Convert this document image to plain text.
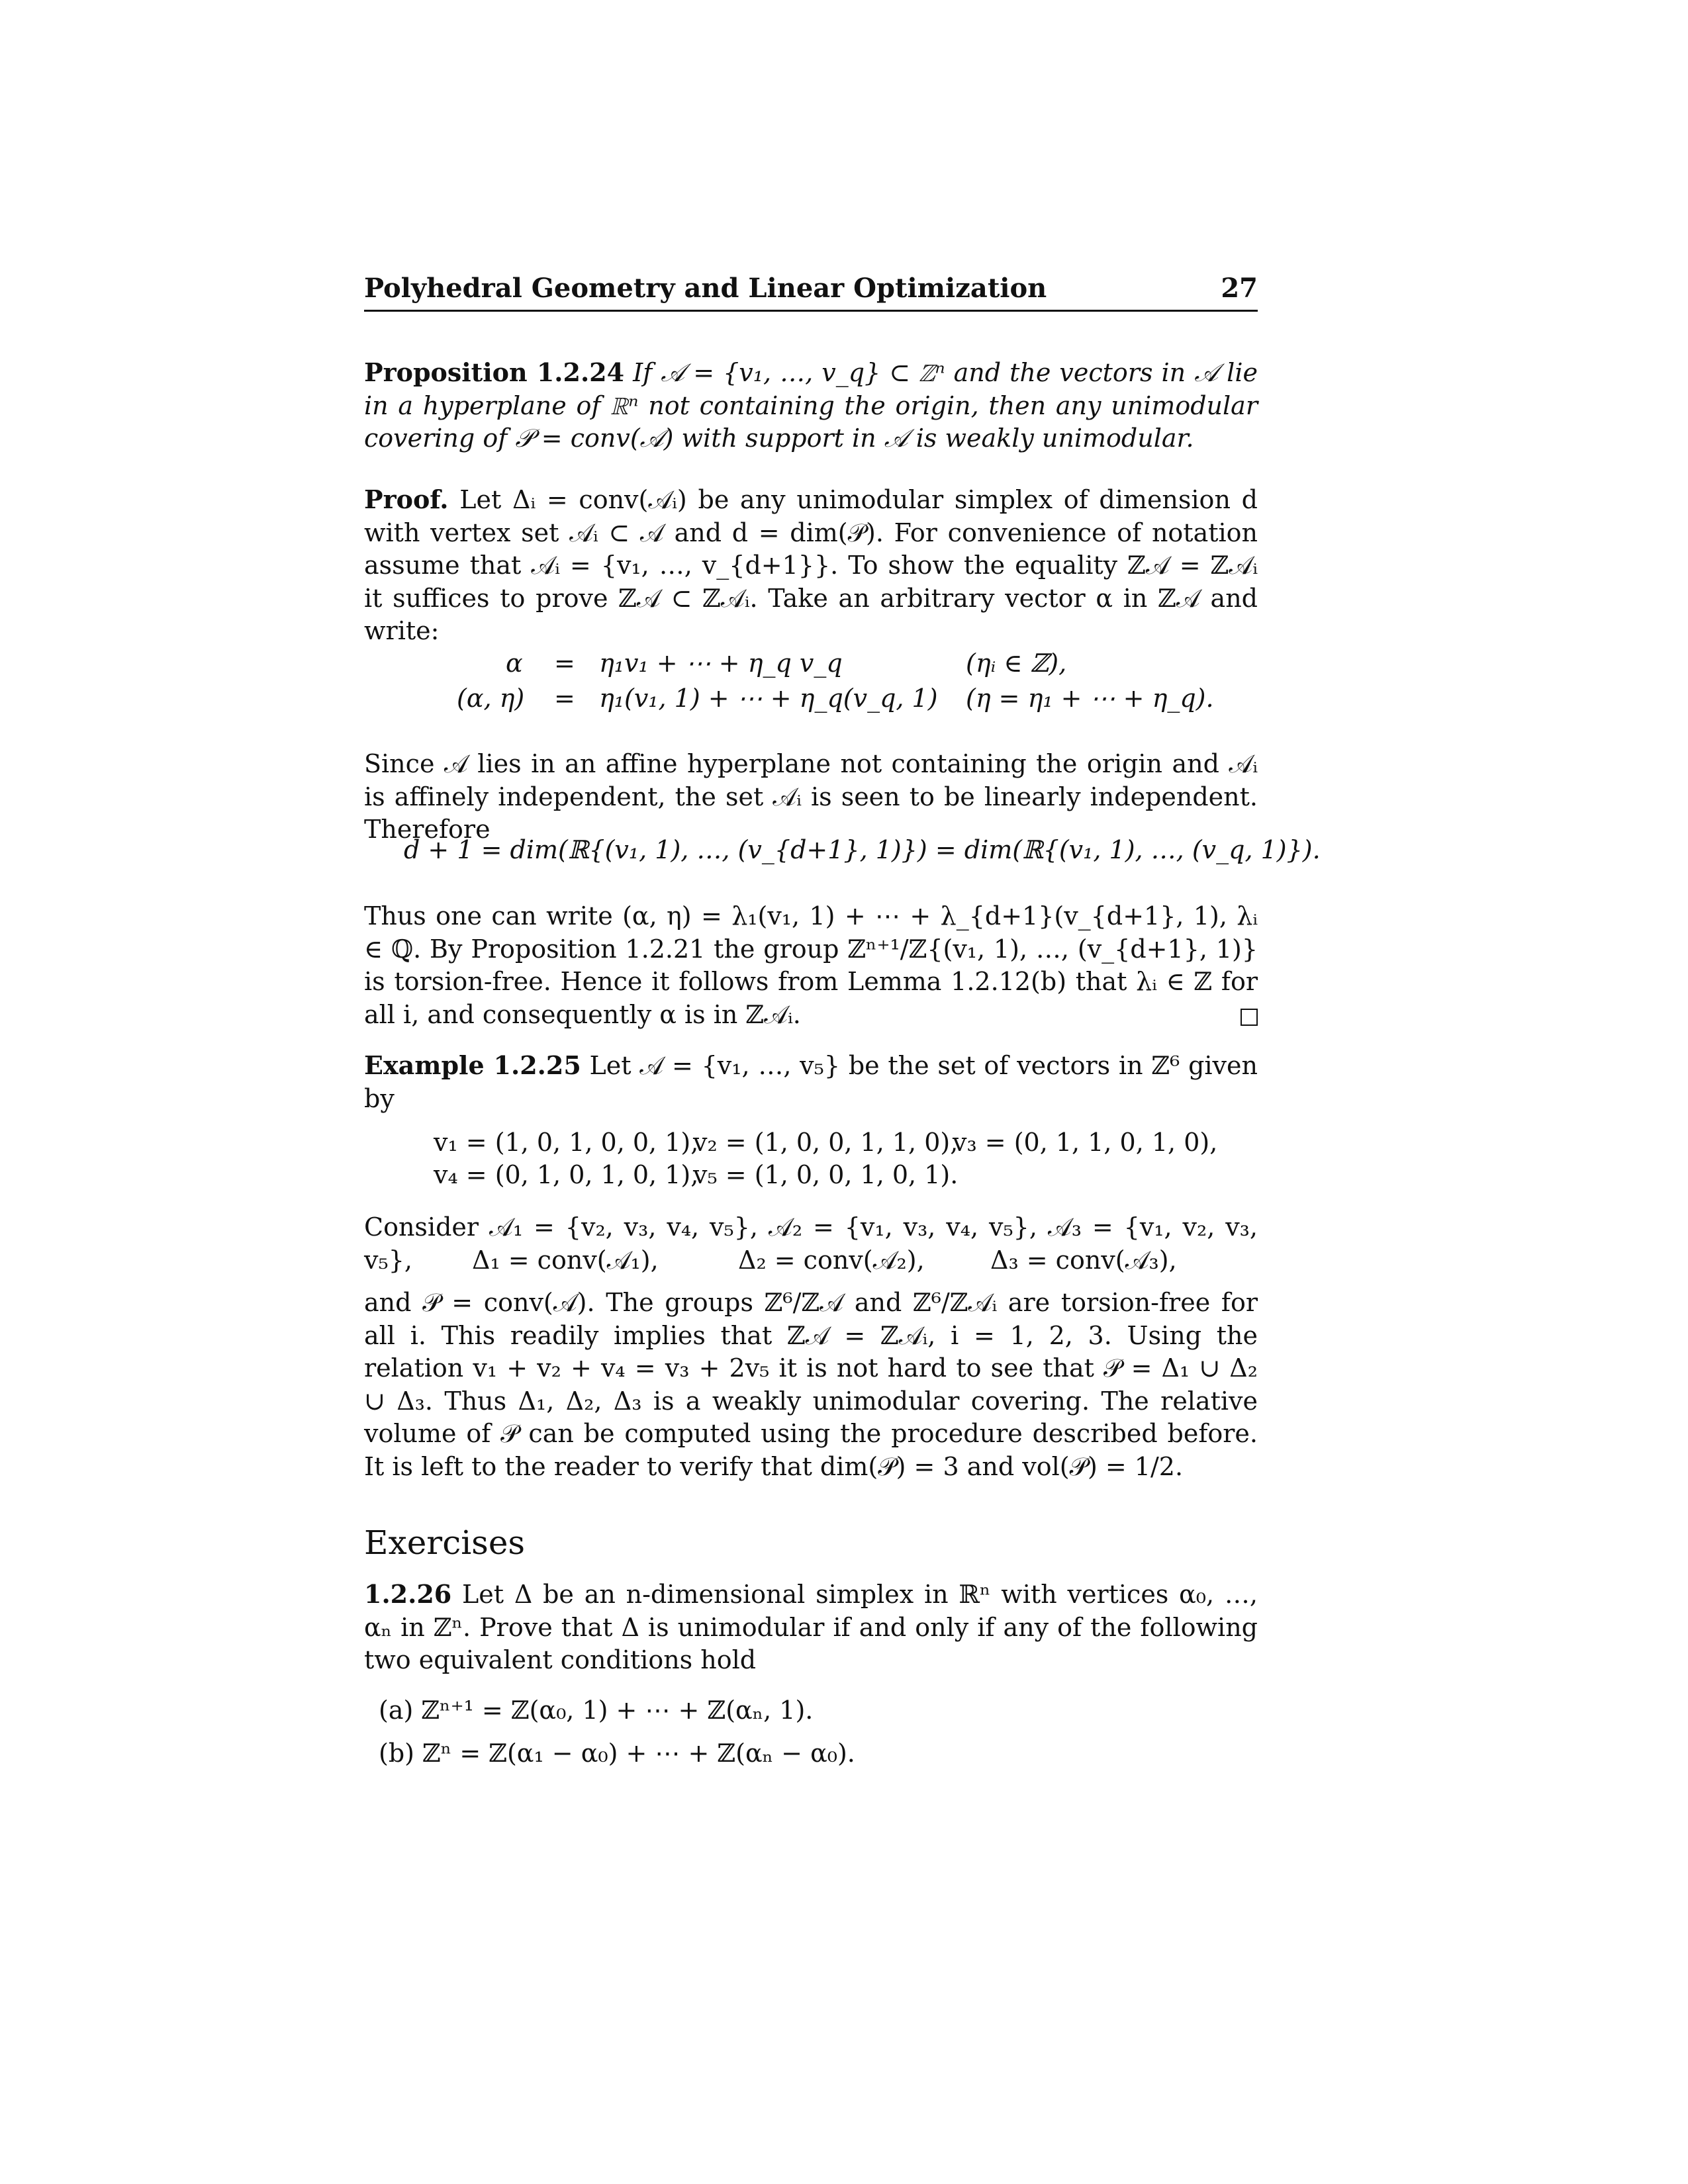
Polyhedral Geometry and Linear Optimization	27
Proposition 1.2.24 If 𝒜 = {v₁, …, v_q} ⊂ ℤⁿ and the vectors in 𝒜 lie in a hyperplane of ℝⁿ not containing the origin, then any unimodular covering of 𝒫 = conv(𝒜) with support in 𝒜 is weakly unimodular.
Proof. Let Δᵢ = conv(𝒜ᵢ) be any unimodular simplex of dimension d with vertex set 𝒜ᵢ ⊂ 𝒜 and d = dim(𝒫). For convenience of notation assume that 𝒜ᵢ = {v₁, …, v_{d+1}}. To show the equality ℤ𝒜 = ℤ𝒜ᵢ it suffices to prove ℤ𝒜 ⊂ ℤ𝒜ᵢ. Take an arbitrary vector α in ℤ𝒜 and write:
α = η₁v₁ + ⋯ + η_q v_q	(ηᵢ ∈ ℤ),
(α, η) = η₁(v₁, 1) + ⋯ + η_q(v_q, 1) (η = η₁ + ⋯ + η_q).
Since 𝒜 lies in an affine hyperplane not containing the origin and 𝒜ᵢ is affinely independent, the set 𝒜ᵢ is seen to be linearly independent. Therefore
d + 1 = dim(ℝ{(v₁, 1), …, (v_{d+1}, 1)}) = dim(ℝ{(v₁, 1), …, (v_q, 1)}).
Thus one can write (α, η) = λ₁(v₁, 1) + ⋯ + λ_{d+1}(v_{d+1}, 1), λᵢ ∈ ℚ. By Proposition 1.2.21 the group ℤⁿ⁺¹/ℤ{(v₁, 1), …, (v_{d+1}, 1)} is torsion-free. Hence it follows from Lemma 1.2.12(b) that λᵢ ∈ ℤ for all i, and consequently α is in ℤ𝒜ᵢ.
Example 1.2.25 Let 𝒜 = {v₁, …, v₅} be the set of vectors in ℤ⁶ given by
v₁ = (1, 0, 1, 0, 0, 1),
v₂ = (1, 0, 0, 1, 1, 0),
v₃ = (0, 1, 1, 0, 1, 0),
v₄ = (0, 1, 0, 1, 0, 1),
v₅ = (1, 0, 0, 1, 0, 1).
Consider 𝒜₁ = {v₂, v₃, v₄, v₅}, 𝒜₂ = {v₁, v₃, v₄, v₅}, 𝒜₃ = {v₁, v₂, v₃, v₅},	Δ₁ = conv(𝒜₁),	Δ₂ = conv(𝒜₂),	Δ₃ = conv(𝒜₃),
and 𝒫 = conv(𝒜). The groups ℤ⁶/ℤ𝒜 and ℤ⁶/ℤ𝒜ᵢ are torsion-free for all i. This readily implies that ℤ𝒜 = ℤ𝒜ᵢ, i = 1, 2, 3. Using the relation v₁ + v₂ + v₄ = v₃ + 2v₅ it is not hard to see that 𝒫 = Δ₁ ∪ Δ₂ ∪ Δ₃. Thus Δ₁, Δ₂, Δ₃ is a weakly unimodular covering. The relative volume of 𝒫 can be computed using the procedure described before. It is left to the reader to verify that dim(𝒫) = 3 and vol(𝒫) = 1/2.
Exercises
1.2.26 Let Δ be an n-dimensional simplex in ℝⁿ with vertices α₀, …, αₙ in ℤⁿ. Prove that Δ is unimodular if and only if any of the following two equivalent conditions hold
(a) ℤⁿ⁺¹ = ℤ(α₀, 1) + ⋯ + ℤ(αₙ, 1).
(b) ℤⁿ = ℤ(α₁ − α₀) + ⋯ + ℤ(αₙ − α₀).
